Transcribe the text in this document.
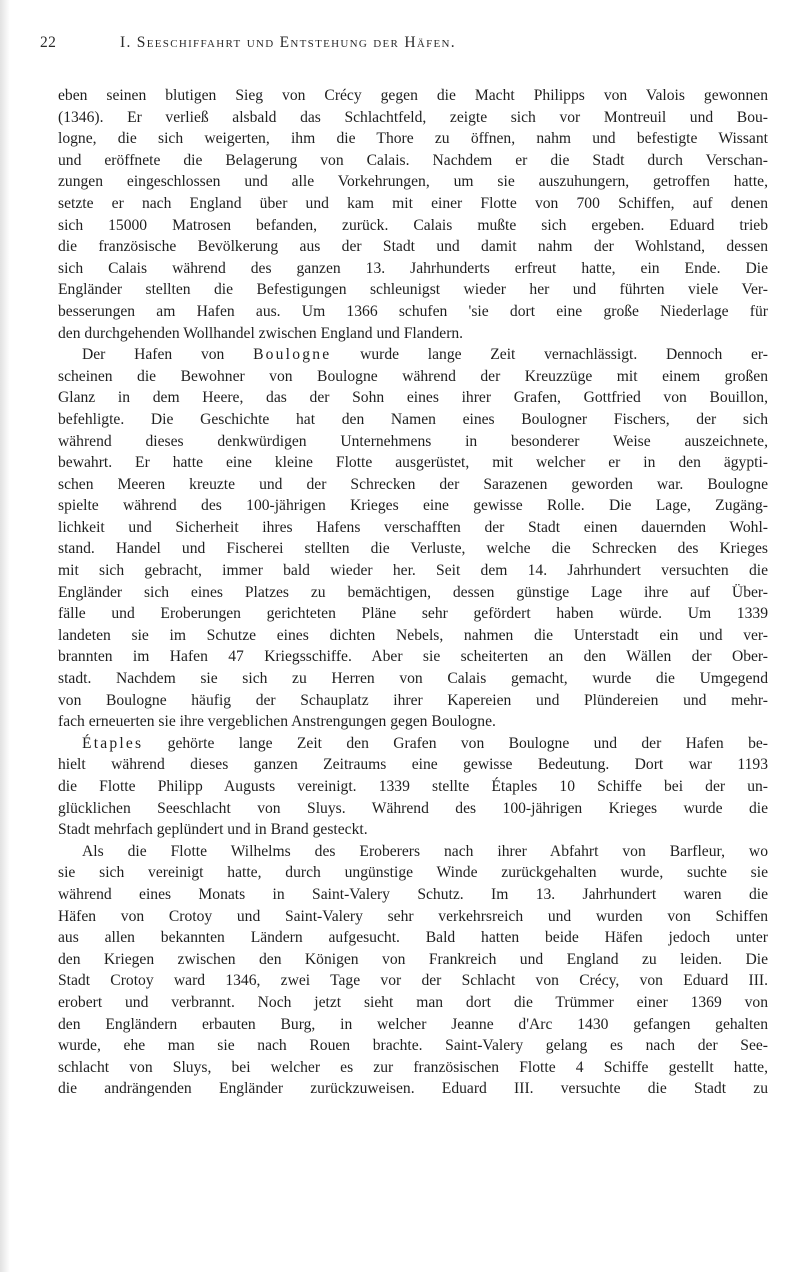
22	I. Seeschiffahrt und Entstehung der Häfen.
eben seinen blutigen Sieg von Crécy gegen die Macht Philipps von Valois gewonnen
(1346). Er verließ alsbald das Schlachtfeld, zeigte sich vor Montreuil und Bou-
logne, die sich weigerten, ihm die Thore zu öffnen, nahm und befestigte Wissant
und eröffnete die Belagerung von Calais. Nachdem er die Stadt durch Verschan-
zungen eingeschlossen und alle Vorkehrungen, um sie auszuhungern, getroffen hatte,
setzte er nach England über und kam mit einer Flotte von 700 Schiffen, auf denen
sich 15000 Matrosen befanden, zurück. Calais mußte sich ergeben. Eduard trieb
die französische Bevölkerung aus der Stadt und damit nahm der Wohlstand, dessen
sich Calais während des ganzen 13. Jahrhunderts erfreut hatte, ein Ende. Die
Engländer stellten die Befestigungen schleunigst wieder her und führten viele Ver-
besserungen am Hafen aus. Um 1366 schufen 'sie dort eine große Niederlage für
den durchgehenden Wollhandel zwischen England und Flandern.
Der Hafen von Boulogne wurde lange Zeit vernachlässigt. Dennoch er-
scheinen die Bewohner von Boulogne während der Kreuzzüge mit einem großen
Glanz in dem Heere, das der Sohn eines ihrer Grafen, Gottfried von Bouillon,
befehligte. Die Geschichte hat den Namen eines Boulogner Fischers, der sich
während dieses denkwürdigen Unternehmens in besonderer Weise auszeichnete,
bewahrt. Er hatte eine kleine Flotte ausgerüstet, mit welcher er in den ägypti-
schen Meeren kreuzte und der Schrecken der Sarazenen geworden war. Boulogne
spielte während des 100-jährigen Krieges eine gewisse Rolle. Die Lage, Zugäng-
lichkeit und Sicherheit ihres Hafens verschafften der Stadt einen dauernden Wohl-
stand. Handel und Fischerei stellten die Verluste, welche die Schrecken des Krieges
mit sich gebracht, immer bald wieder her. Seit dem 14. Jahrhundert versuchten die
Engländer sich eines Platzes zu bemächtigen, dessen günstige Lage ihre auf Über-
fälle und Eroberungen gerichteten Pläne sehr gefördert haben würde. Um 1339
landeten sie im Schutze eines dichten Nebels, nahmen die Unterstadt ein und ver-
brannten im Hafen 47 Kriegsschiffe. Aber sie scheiterten an den Wällen der Ober-
stadt. Nachdem sie sich zu Herren von Calais gemacht, wurde die Umgegend
von Boulogne häufig der Schauplatz ihrer Kapereien und Plündereien und mehr-
fach erneuerten sie ihre vergeblichen Anstrengungen gegen Boulogne.
Étaples gehörte lange Zeit den Grafen von Boulogne und der Hafen be-
hielt während dieses ganzen Zeitraums eine gewisse Bedeutung. Dort war 1193
die Flotte Philipp Augusts vereinigt. 1339 stellte Étaples 10 Schiffe bei der un-
glücklichen Seeschlacht von Sluys. Während des 100-jährigen Krieges wurde die
Stadt mehrfach geplündert und in Brand gesteckt.
Als die Flotte Wilhelms des Eroberers nach ihrer Abfahrt von Barfleur, wo
sie sich vereinigt hatte, durch ungünstige Winde zurückgehalten wurde, suchte sie
während eines Monats in Saint-Valery Schutz. Im 13. Jahrhundert waren die
Häfen von Crotoy und Saint-Valery sehr verkehrsreich und wurden von Schiffen
aus allen bekannten Ländern aufgesucht. Bald hatten beide Häfen jedoch unter
den Kriegen zwischen den Königen von Frankreich und England zu leiden. Die
Stadt Crotoy ward 1346, zwei Tage vor der Schlacht von Crécy, von Eduard III.
erobert und verbrannt. Noch jetzt sieht man dort die Trümmer einer 1369 von
den Engländern erbauten Burg, in welcher Jeanne d'Arc 1430 gefangen gehalten
wurde, ehe man sie nach Rouen brachte. Saint-Valery gelang es nach der See-
schlacht von Sluys, bei welcher es zur französischen Flotte 4 Schiffe gestellt hatte,
die andrängenden Engländer zurückzuweisen. Eduard III. versuchte die Stadt zu
